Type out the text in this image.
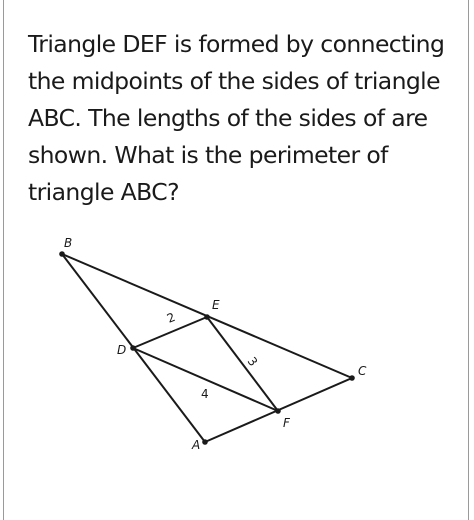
Triangle DEF is formed by connecting
the midpoints of the sides of triangle
ABC. The lengths of the sides of are
shown. What is the perimeter of
triangle ABC?

B
E
D
C
F
A
2
3
4
